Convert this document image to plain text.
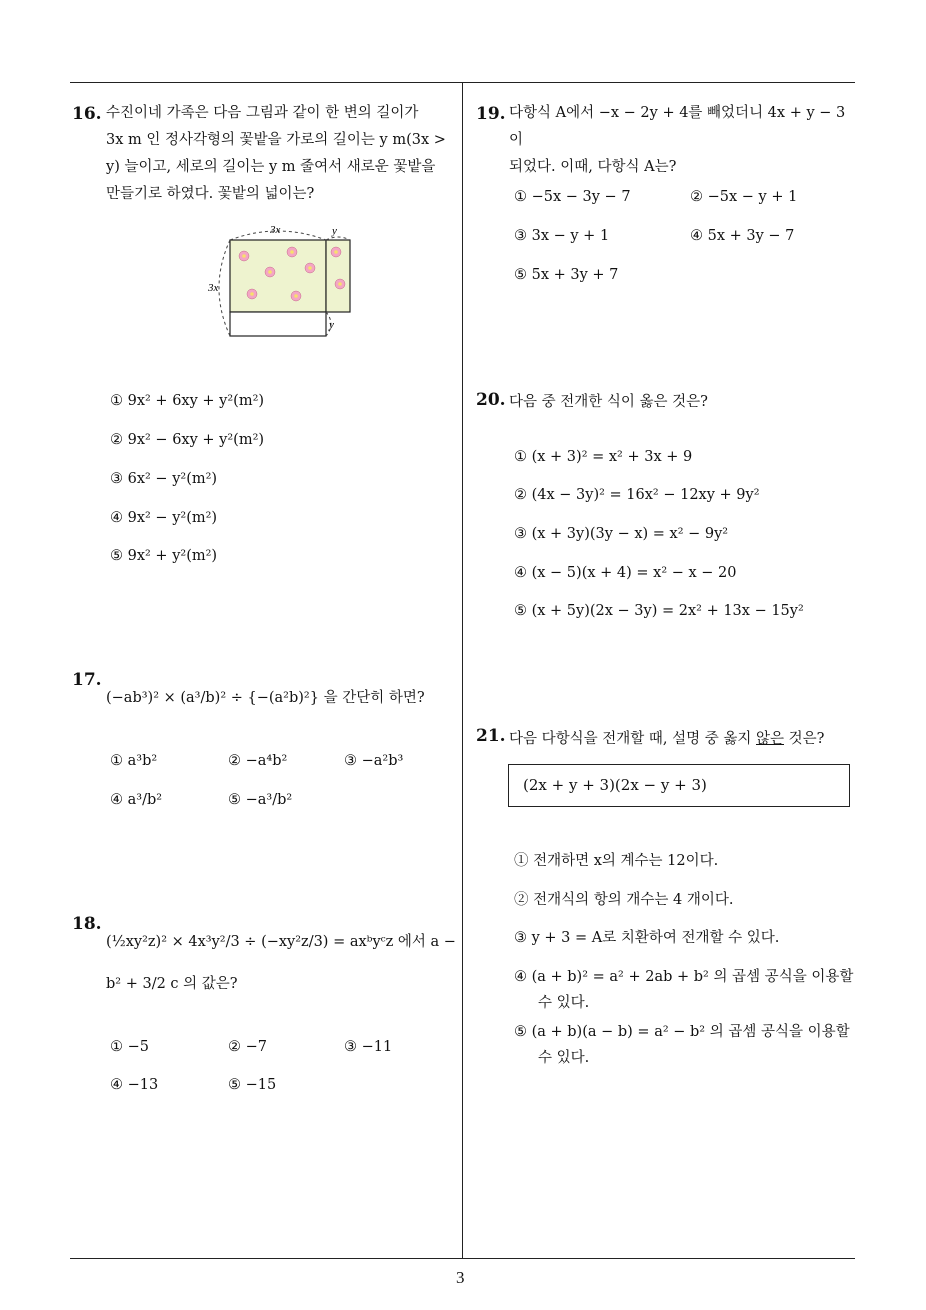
16. 수진이네 가족은 다음 그림과 같이 한 변의 길이가
3x m 인 정사각형의 꽃밭을 가로의 길이는 y m(3x >
y) 늘이고, 세로의 길이는 y m 줄여서 새로운 꽃밭을
만들기로 하였다. 꽃밭의 넓이는?
3x	y
3x
y
① 9x² + 6xy + y²(m²)
② 9x² − 6xy + y²(m²)
③ 6x² − y²(m²)
④ 9x² − y²(m²)
⑤ 9x² + y²(m²)
17.
(−ab³)² × (a³/b)² ÷ {−(a²b)²} 을 간단히 하면?
① a³b²	② −a⁴b²	③ −a²b³
④ a³/b²	⑤ −a³/b²
18.
(½xy²z)² × 4x³y²/3 ÷ (−xy²z/3) = axᵇyᶜz 에서 a −
b² + 3/2 c 의 값은?
① −5	② −7	③ −11
④ −13	⑤ −15
19. 다항식 A에서 −x − 2y + 4를 빼었더니 4x + y − 3이
되었다. 이때, 다항식 A는?
① −5x − 3y − 7	② −5x − y + 1
③ 3x − y + 1	④ 5x + 3y − 7
⑤ 5x + 3y + 7
20. 다음 중 전개한 식이 옳은 것은?
① (x + 3)² = x² + 3x + 9
② (4x − 3y)² = 16x² − 12xy + 9y²
③ (x + 3y)(3y − x) = x² − 9y²
④ (x − 5)(x + 4) = x² − x − 20
⑤ (x + 5y)(2x − 3y) = 2x² + 13x − 15y²
21. 다음 다항식을 전개할 때, 설명 중 옳지 않은 것은?
(2x + y + 3)(2x − y + 3)
① 전개하면 x의 계수는 12이다.
② 전개식의 항의 개수는 4 개이다.
③ y + 3 = A로 치환하여 전개할 수 있다.
④ (a + b)² = a² + 2ab + b² 의 곱셈 공식을 이용할
수 있다.
⑤ (a + b)(a − b) = a² − b² 의 곱셈 공식을 이용할
수 있다.
3
